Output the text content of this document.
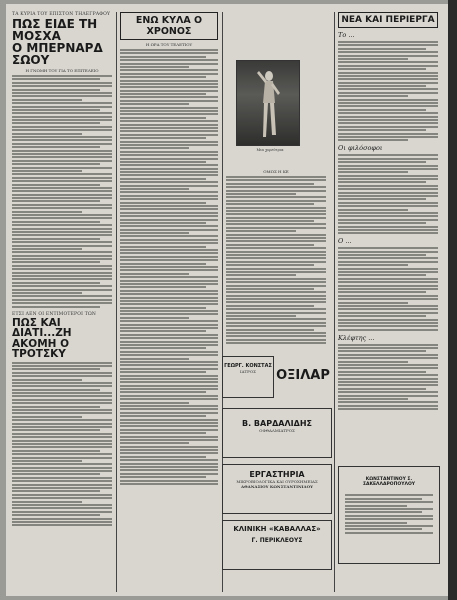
ΤΑ ΚΥΡΙΑ ΤΟΥ ΕΠΙΣΤΟΝ ΤΗΛΕΓΡΑΦΟΥ
ΠΩΣ ΕΙΔΕ ΤΗ ΜΟΣΧΑ
Ο ΜΠΕΡΝΑΡΔ ΣΩΟΥ
Η ΓΝΩΜΗ ΤΟΥ ΓΙΑ ΤΟ ΕΠΙΤΕΛΕΙΟ
ΕΤΣΙ ΛΕΝ ΟΙ ΕΝΤΙΜΟΤΕΡΟΙ ΤΩΝ
ΠΩΣ ΚΑΙ ΔΙΑΤΙ...ΖΗ
ΑΚΟΜΗ Ο ΤΡΟΤΣΚΥ
ΕΝΩ ΚΥΛΑ Ο ΧΡΟΝΟΣ
Η ΩΡΑ ΤΟΥ ΤΕΛΕΤΙΟΥ
ΟΜΩΣ Η ΚΕ
ΓΕΩΡΓ. ΚΟΝΣΤΑΣ
ΙΑΤΡΟΣ	ΟΞΙΛΑΡ
Β. ΒΑΡΔΑΛΙΔΗΣ
ΟΦΘΑΛΜΙΑΤΡΟΣ
ΕΡΓΑΣΤΗΡΙΑ
ΜΙΚΡΟΒΙΟΛΟΓΙΚΑ ΚΑΙ ΟΥΡΟΧΗΜΕΙΑΣ
ΑΘΑΝΑΣΙΟΥ ΚΩΝΣΤΑΝΤΙΝΙΔΟΥ
ΚΛΙΝΙΚΗ «ΚΑΒΑΛΛΑΣ»
Γ. ΠΕΡΙΚΛΕΟΥΣ
ΝΕΑ ΚΑΙ ΠΕΡΙΕΡΓΑ
Το ...
Οι φιλόσοφοι
Ο ...
Κλέφτης ...
ΚΩΝΣΤΑΝΤΙΝΟΥ Σ. ΣΑΚΕΛΛΑΡΟΠΟΥΛΟΥ
Μια χορεύτρια
